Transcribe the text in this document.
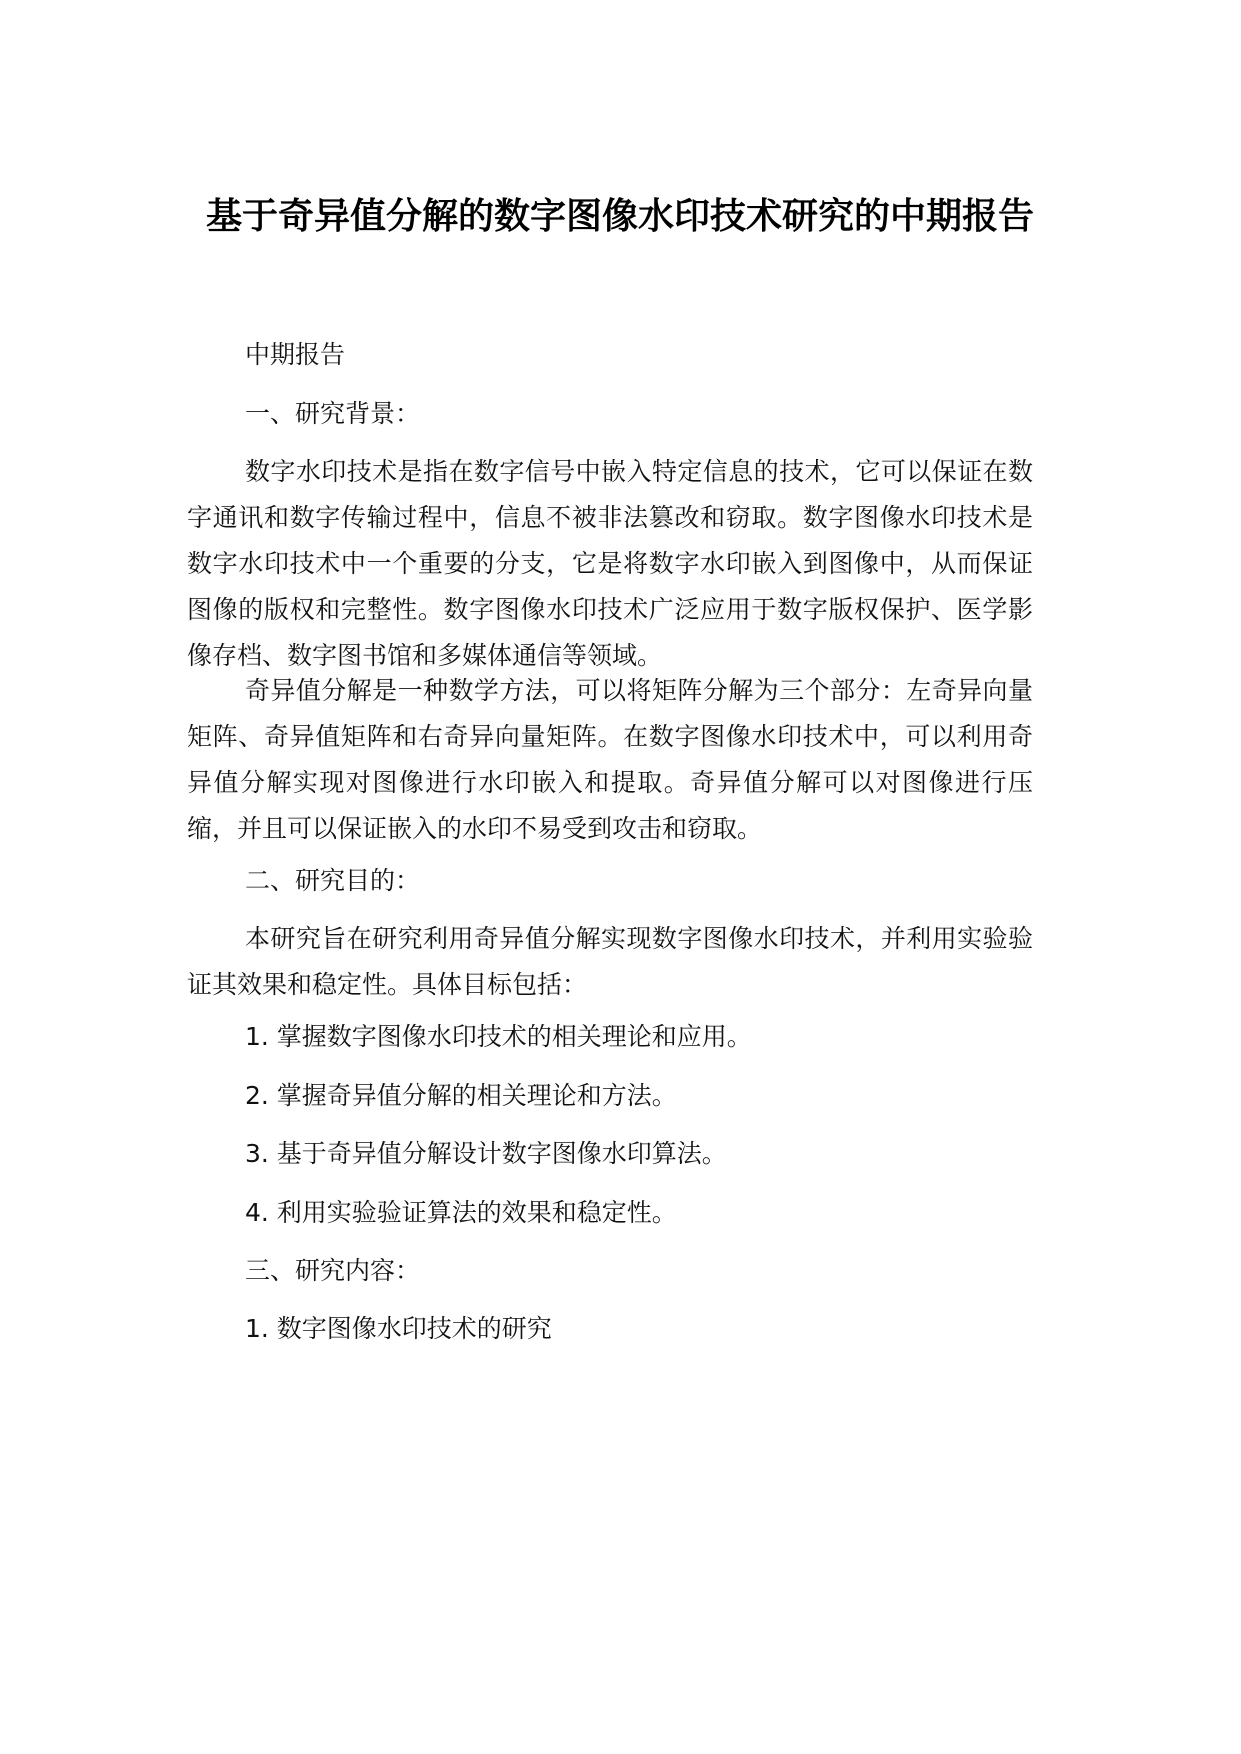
基于奇异值分解的数字图像水印技术研究的中期报告
中期报告
一、研究背景：
数字水印技术是指在数字信号中嵌入特定信息的技术，它可以保证在数字通讯和数字传输过程中，信息不被非法篡改和窃取。数字图像水印技术是数字水印技术中一个重要的分支，它是将数字水印嵌入到图像中，从而保证图像的版权和完整性。数字图像水印技术广泛应用于数字版权保护、医学影像存档、数字图书馆和多媒体通信等领域。
奇异值分解是一种数学方法，可以将矩阵分解为三个部分：左奇异向量矩阵、奇异值矩阵和右奇异向量矩阵。在数字图像水印技术中，可以利用奇异值分解实现对图像进行水印嵌入和提取。奇异值分解可以对图像进行压缩，并且可以保证嵌入的水印不易受到攻击和窃取。
二、研究目的：
本研究旨在研究利用奇异值分解实现数字图像水印技术，并利用实验验证其效果和稳定性。具体目标包括：
1. 掌握数字图像水印技术的相关理论和应用。
2. 掌握奇异值分解的相关理论和方法。
3. 基于奇异值分解设计数字图像水印算法。
4. 利用实验验证算法的效果和稳定性。
三、研究内容：
1. 数字图像水印技术的研究
